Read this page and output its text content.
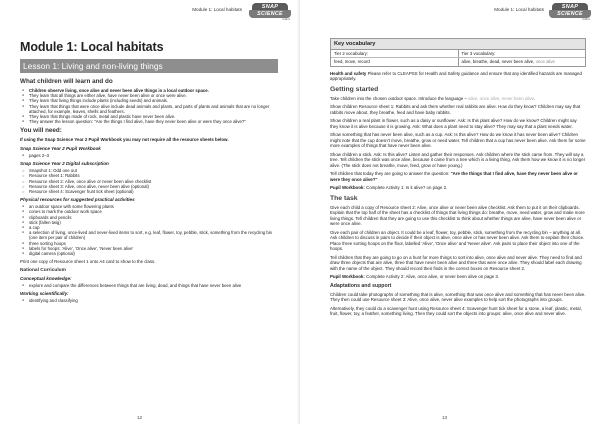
Module 1: Local habitats	SNAP
SCIENCE
Collins
Module 1: Local habitats
Lesson 1: Living and non-living things
What children will learn and do
● Children observe living, once alive and never been alive things in a local outdoor space.
● They learn that all things are either alive, have never been alive or once were alive.
● They learn that living things include plants (including seeds) and animals.
● They learn that things that were once alive include dead animals and plants, and parts of plants and animals that are no longer attached, for example, leaves, shells and feathers.
● They learn that things made of rock, metal and plastic have never been alive.
● They answer the lesson question: "Are the things I find alive, have they never been alive or were they once alive?"
You will need:
If using the Snap Science Year 2 Pupil Workbook you may not require all the resource sheets below.
Snap Science Year 2 Pupil Workbook
● pages 2–3
Snap Science Year 2 Digital subscription
○ Snapshot 1: Odd one out
○ Resource sheet 1: Rabbits
○ Resource sheet 2: Alive, once alive or never been alive checklist
○ Resource sheet 3: Alive, once alive, never been alive (optional)
○ Resource sheet 4: Scavenger hunt tick sheet (optional)
Physical resources for suggested practical activities
● an outdoor space with some flowering plants
● cones to mark the outdoor work space
● clipboards and pencils
● stick (fallen twig)
● a cup
● a selection of living, once-lived and never-lived items to sort, e.g. leaf, flower, toy, pebble, stick, something from the recycling bin (one item per pair of children)
● three sorting hoops
● labels for hoops: 'Alive', 'Once alive', 'Never been alive'
● digital camera (optional)
Print one copy of Resource sheet 1 onto A4 card to show to the class.
National Curriculum
Conceptual knowledge:
● explore and compare the differences between things that are living, dead, and things that have never been alive
Working scientifically:
● identifying and classifying
12
Module 1: Local habitats	SNAP
SCIENCE
Collins
Key vocabulary
Tier 2 vocabulary:	Tier 3 vocabulary:
feed, move, record	alive, breathe, dead, never been alive, once alive
Health and safety Please refer to CLEAPSS for Health and Safety guidance and ensure that any identified hazards are managed appropriately.
Getting started
Take children into the chosen outdoor space. Introduce the language – alive, once alive, never been alive.
Show children Resource sheet 1: Rabbits and ask them whether real rabbits are alive. How do they know? Children may say that rabbits move about, they breathe, feed and have baby rabbits.
Show children a real plant in flower, such as a daisy or sunflower. Ask: Is this plant alive? How do we know? Children might say they know it is alive because it is growing. Ask: What does a plant need to stay alive? They may say that a plant needs water.
Show something that has never been alive, such as a cup. Ask: Is this alive? How do we know it has never been alive? Children might note that the cup doesn't move, breathe, grow or need water. Tell children that a cup has never been alive. Ask them for some more examples of things that have never been alive.
Show children a stick. Ask: Is this alive? Listen and gather their responses. Ask children where the stick came from. They will say a tree. Tell children the stick was once alive, because it came from a tree which is a living thing. Ask them how we know it is no longer alive. (The stick does not breathe, move, feed, grow or have young.)
Tell children that today they are going to answer the question: "Are the things that I find alive, have they never been alive or were they once alive?"
Pupil Workbook: Complete Activity 1: Is it alive? on page 2.
The task
Give each child a copy of Resource sheet 2: Alive, once alive or never been alive checklist. Ask them to put it on their clipboards. Explain that the top half of the sheet has a checklist of things that living things do: breathe, move, need water, grow and make more living things. Tell children that they are going to use this checklist to think about whether things are alive, have never been alive or were once alive.
Give each pair of children an object. It could be a leaf, flower, toy, pebble, stick, something from the recycling bin – anything at all. Ask children to discuss in pairs to decide if their object is alive, once alive or has never been alive. Ask them to explain their choice. Place three sorting hoops on the floor, labelled 'Alive', 'Once alive' and 'Never alive'. Ask pairs to place their object into one of the hoops.
Tell children that they are going to go on a hunt for more things to sort into alive, once alive and never alive. They need to find and draw three objects that are alive, three that have never been alive and three that were once alive. They should label each drawing with the name of the object. They should record their finds in the correct boxes on Resource sheet 2.
Pupil Workbook: Complete Activity 2: Alive, once alive, or never been alive on page 3.
Adaptations and support
Children could take photographs of something that is alive, something that was once alive and something that has never been alive. They then could use Resource sheet 3: Alive, once alive, never alive examples to help sort the photographs into groups.
Alternatively, they could do a scavenger hunt using Resource sheet 4: Scavenger hunt tick sheet for a stone, a leaf, plastic, metal, fruit, flower, toy, a feather, something living. Then they could sort the objects into groups: alive, once alive and never alive.
13
